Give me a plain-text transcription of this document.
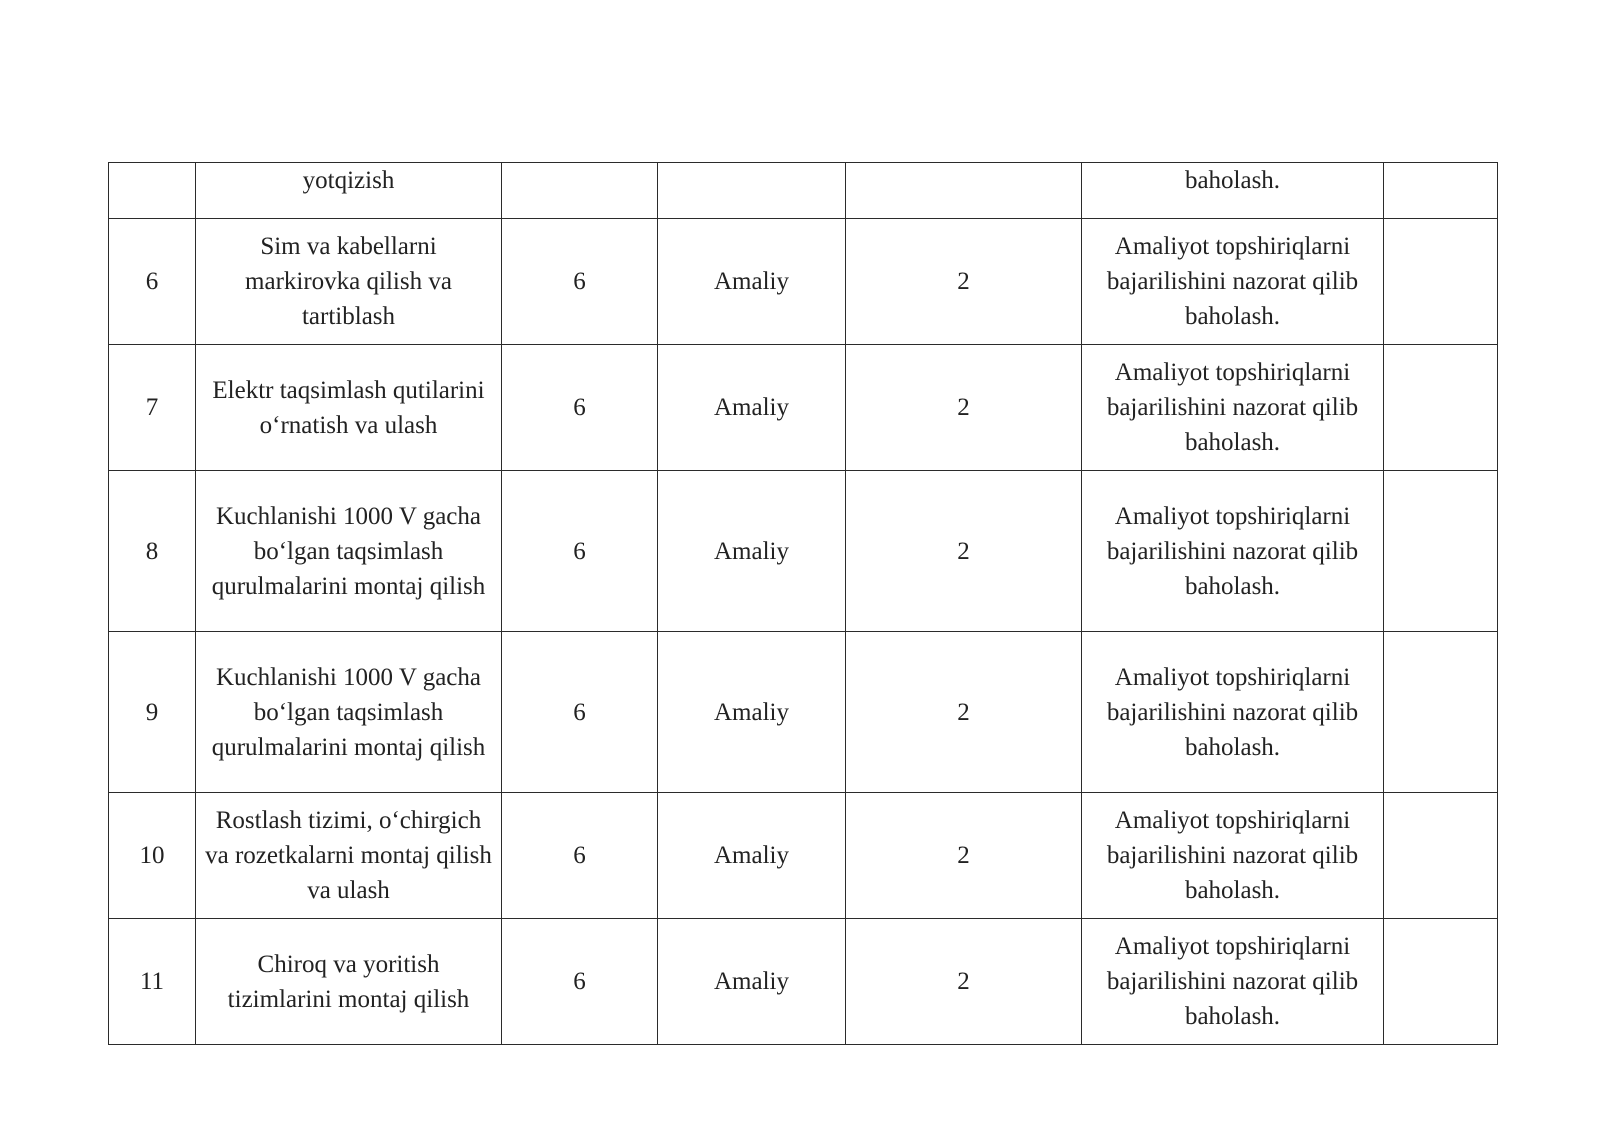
	yotqizish				baholash.	
6	Sim va kabellarni markirovka qilish va tartiblash	6	Amaliy	2	Amaliyot topshiriqlarni bajarilishini nazorat qilib baholash.	
7	Elektr taqsimlash qutilarini o‘rnatish va ulash	6	Amaliy	2	Amaliyot topshiriqlarni bajarilishini nazorat qilib baholash.	
8	Kuchlanishi 1000 V gacha bo‘lgan taqsimlash qurulmalarini montaj qilish	6	Amaliy	2	Amaliyot topshiriqlarni bajarilishini nazorat qilib baholash.	
9	Kuchlanishi 1000 V gacha bo‘lgan taqsimlash qurulmalarini montaj qilish	6	Amaliy	2	Amaliyot topshiriqlarni bajarilishini nazorat qilib baholash.	
10	Rostlash tizimi, o‘chirgich va rozetkalarni montaj qilish va ulash	6	Amaliy	2	Amaliyot topshiriqlarni bajarilishini nazorat qilib baholash.	
11	Chiroq va yoritish tizimlarini montaj qilish	6	Amaliy	2	Amaliyot topshiriqlarni bajarilishini nazorat qilib baholash.	
